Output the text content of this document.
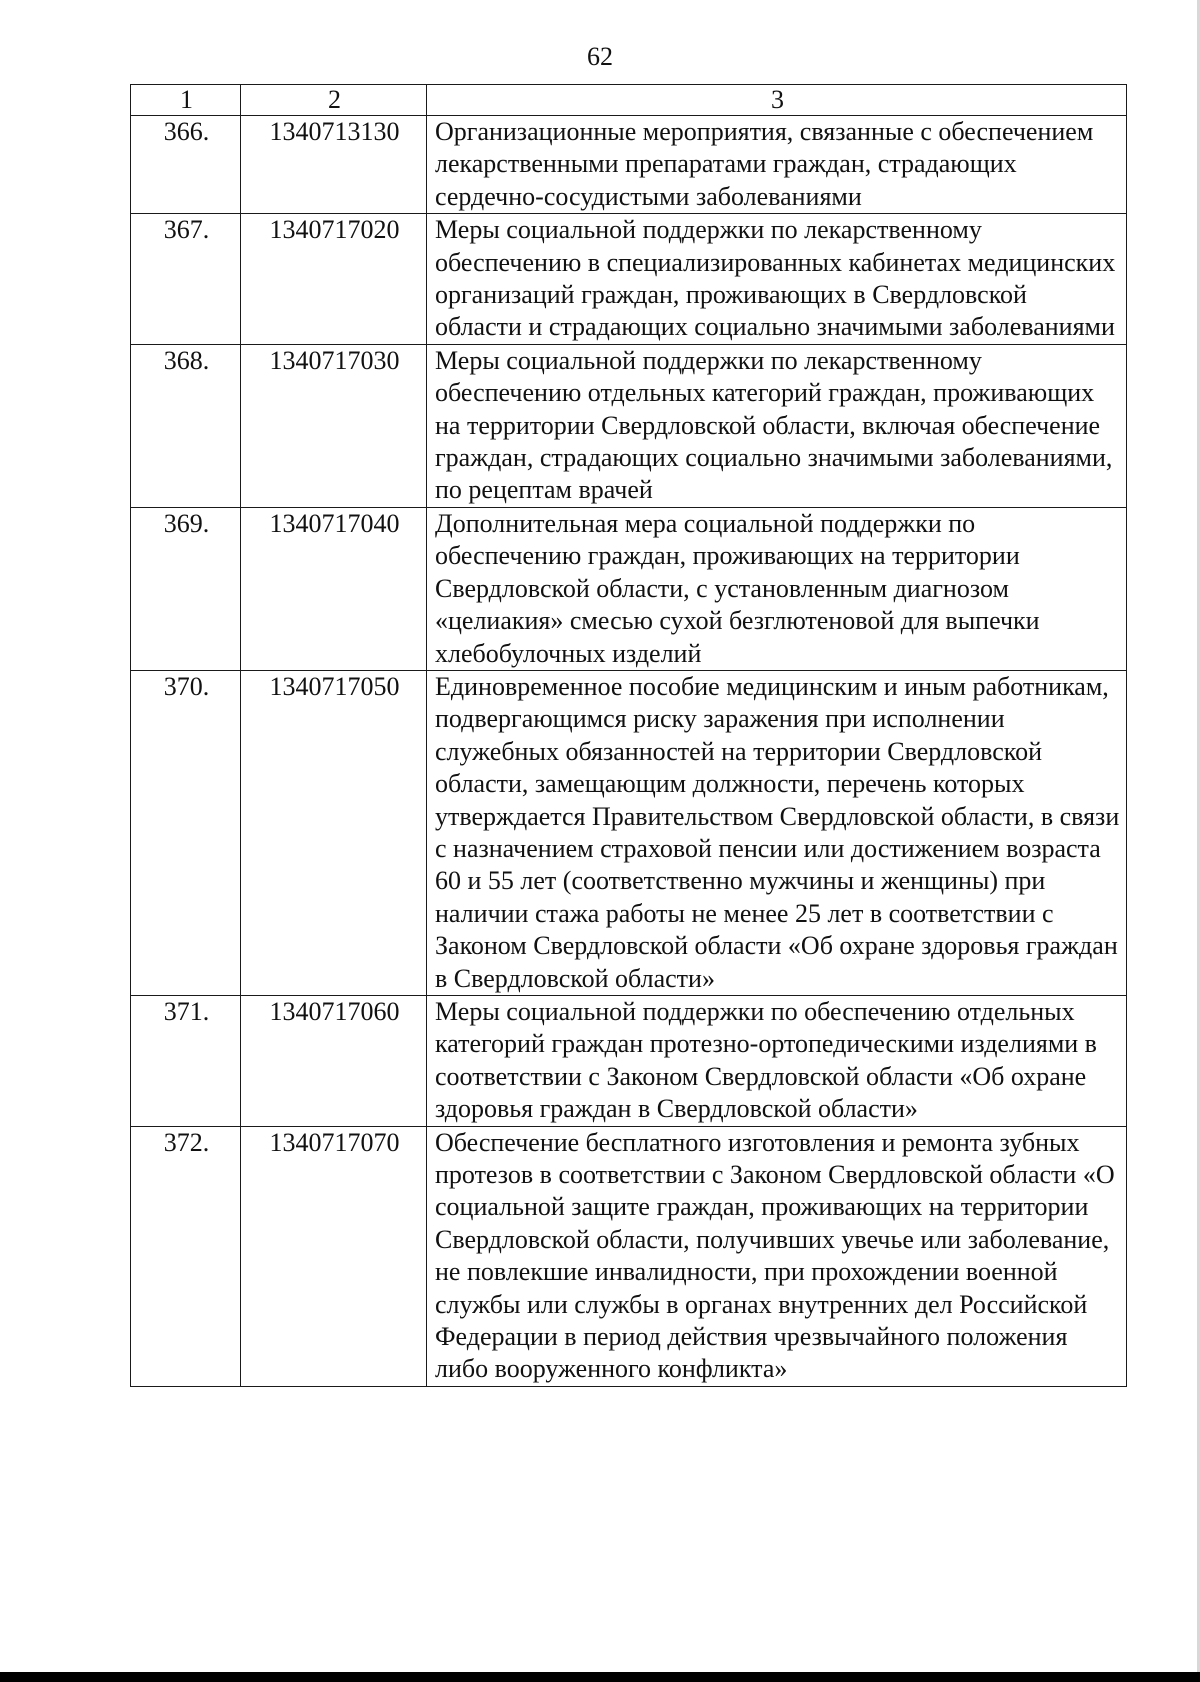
62
1	2	3
366.	1340713130	Организационные мероприятия, связанные с обеспечением лекарственными препаратами граждан, страдающих сердечно-сосудистыми заболеваниями
367.	1340717020	Меры социальной поддержки по лекарственному обеспечению в специализированных кабинетах медицинских организаций граждан, проживающих в Свердловской области и страдающих социально значимыми заболеваниями
368.	1340717030	Меры социальной поддержки по лекарственному обеспечению отдельных категорий граждан, проживающих на территории Свердловской области, включая обеспечение граждан, страдающих социально значимыми заболеваниями, по рецептам врачей
369.	1340717040	Дополнительная мера социальной поддержки по обеспечению граждан, проживающих на территории Свердловской области, с установленным диагнозом «целиакия» смесью сухой безглютеновой для выпечки хлебобулочных изделий
370.	1340717050	Единовременное пособие медицинским и иным работникам, подвергающимся риску заражения при исполнении служебных обязанностей на территории Свердловской области, замещающим должности, перечень которых утверждается Правительством Свердловской области, в связи с назначением страховой пенсии или достижением возраста 60 и 55 лет (соответственно мужчины и женщины) при наличии стажа работы не менее 25 лет в соответствии с Законом Свердловской области «Об охране здоровья граждан в Свердловской области»
371.	1340717060	Меры социальной поддержки по обеспечению отдельных категорий граждан протезно-ортопедическими изделиями в соответствии с Законом Свердловской области «Об охране здоровья граждан в Свердловской области»
372.	1340717070	Обеспечение бесплатного изготовления и ремонта зубных протезов в соответствии с Законом Свердловской области «О социальной защите граждан, проживающих на территории Свердловской области, получивших увечье или заболевание, не повлекшие инвалидности, при прохождении военной службы или службы в органах внутренних дел Российской Федерации в период действия чрезвычайного положения либо вооруженного конфликта»
